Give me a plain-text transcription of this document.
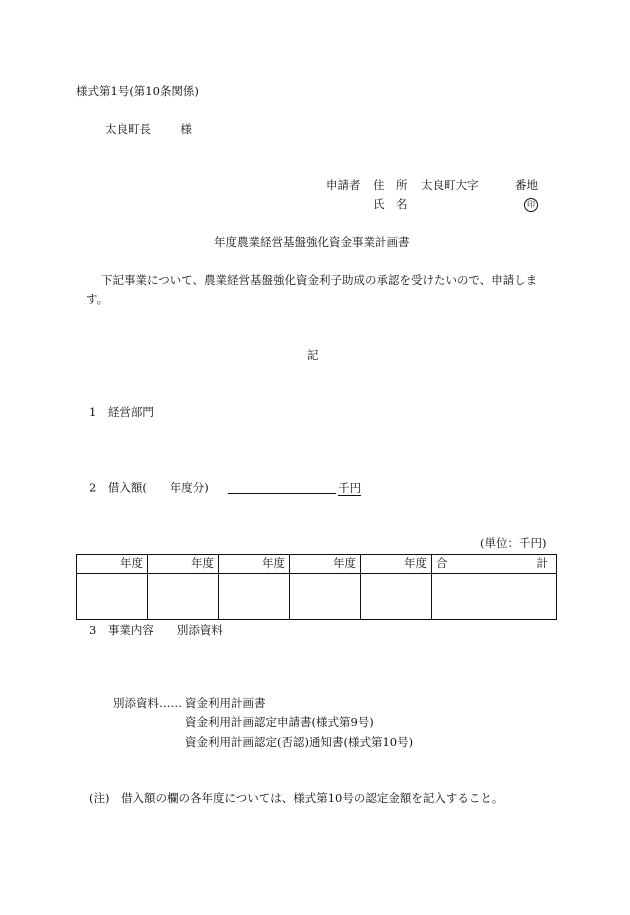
様式第1号(第10条関係)
太良町長	様
申請者 住　所 太良町大字	番地
氏　名	印
年度農業経営基盤強化資金事業計画書
下記事業について、農業経営基盤強化資金利子助成の承認を受けたいので、申請しま
す。
記
1　経営部門
2　借入額(　　年度分)	千円
(単位：千円)
年度	年度	年度	年度	年度	合 計

3　事業内容　　別添資料
別添資料…… 資金利用計画書
資金利用計画認定申請書(様式第9号)
資金利用計画認定(否認)通知書(様式第10号)
(注)　借入額の欄の各年度については、様式第10号の認定金額を記入すること。
